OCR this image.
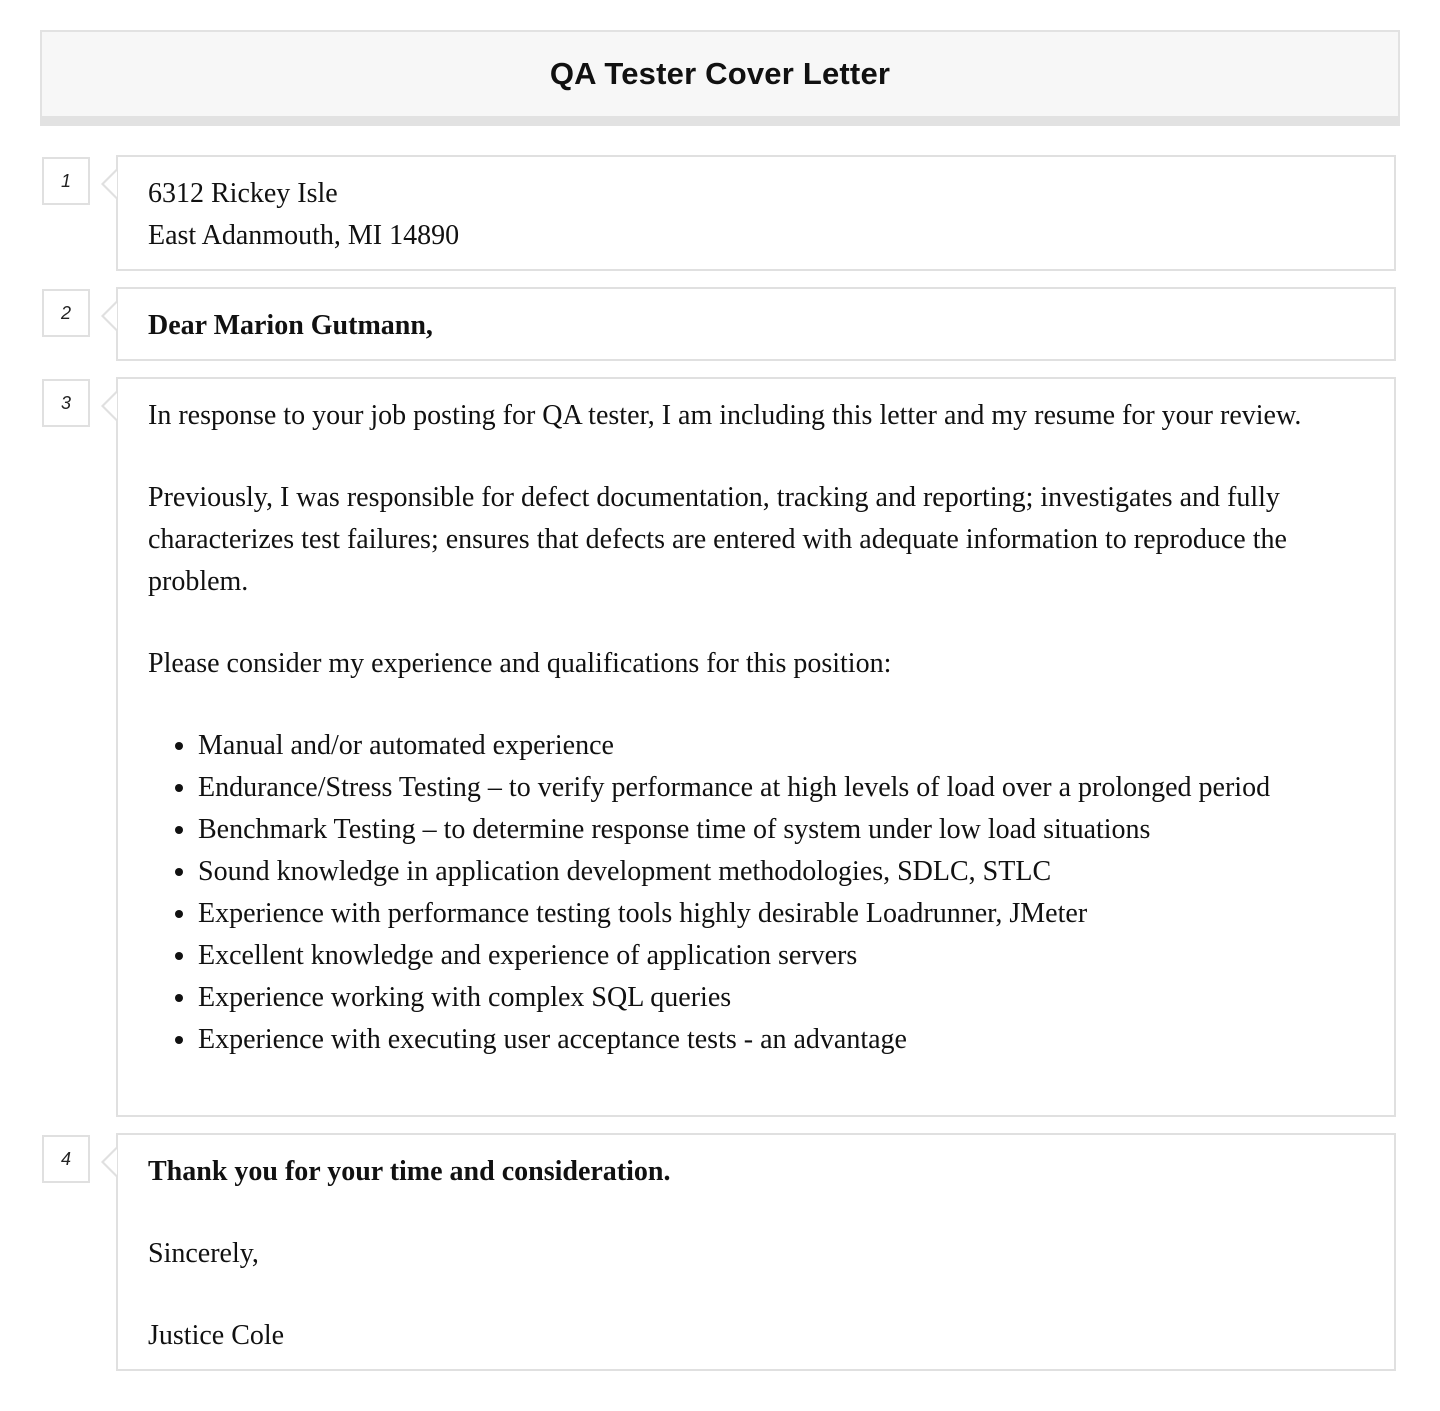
QA Tester Cover Letter
1	6312 Rickey Isle
East Adanmouth, MI 14890
2	Dear Marion Gutmann,
3	In response to your job posting for QA tester, I am including this letter and my resume for your review.

Previously, I was responsible for defect documentation, tracking and reporting; investigates and fully characterizes test failures; ensures that defects are entered with adequate information to reproduce the problem.

Please consider my experience and qualifications for this position:

• Manual and/or automated experience
• Endurance/Stress Testing – to verify performance at high levels of load over a prolonged period
• Benchmark Testing – to determine response time of system under low load situations
• Sound knowledge in application development methodologies, SDLC, STLC
• Experience with performance testing tools highly desirable Loadrunner, JMeter
• Excellent knowledge and experience of application servers
• Experience working with complex SQL queries
• Experience with executing user acceptance tests - an advantage
4	Thank you for your time and consideration.

Sincerely,

Justice Cole
